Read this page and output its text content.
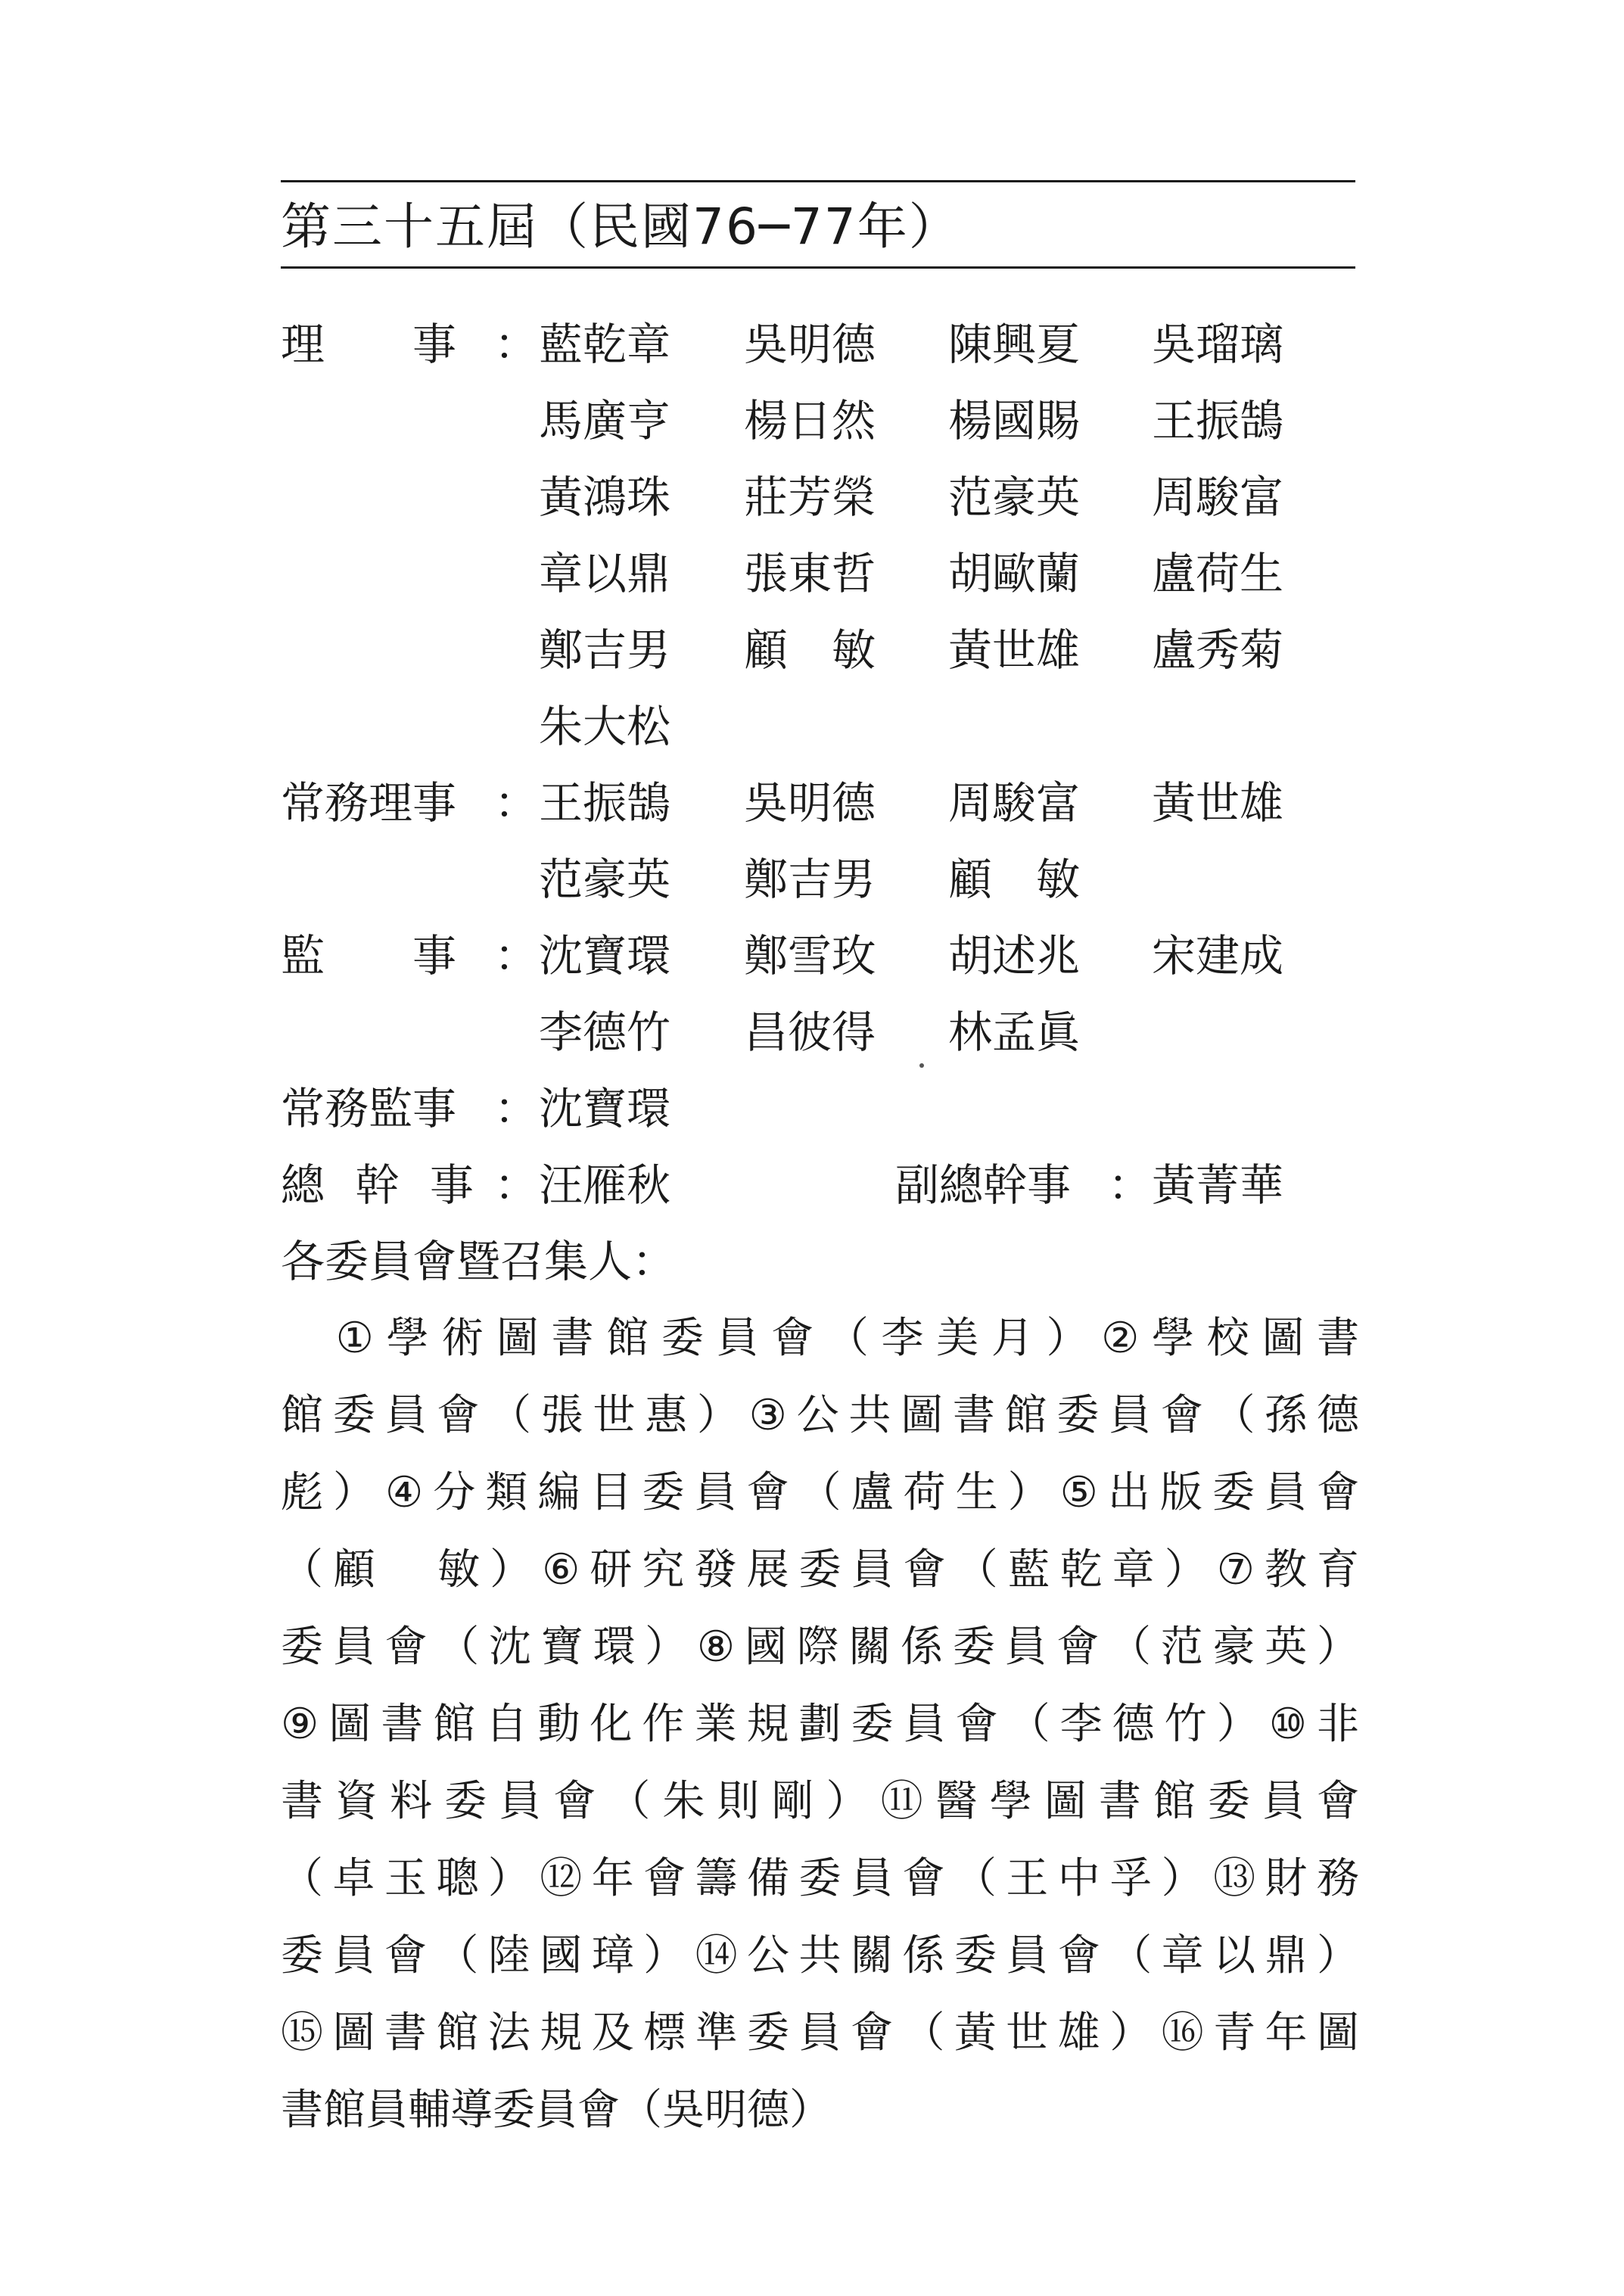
第三十五屆（民國76─77年）
理　　事 ： 藍乾章 吳明德 陳興夏 吳瑠璃
馬廣亨 楊日然 楊國賜 王振鵠
黃鴻珠 莊芳榮 范豪英 周駿富
章以鼎 張東哲 胡歐蘭 盧荷生
鄭吉男 顧　敏 黃世雄 盧秀菊
朱大松
常務理事 ： 王振鵠 吳明德 周駿富 黃世雄
范豪英 鄭吉男 顧　敏
監　　事 ： 沈寶環 鄭雪玫 胡述兆 宋建成
李德竹 昌彼得 林孟眞
常務監事 ： 沈寶環
總 幹 事 ： 汪雁秋	副總幹事 ： 黃菁華
各委員會暨召集人：
　①學術圖書館委員會（李美月）②學校圖書
館委員會（張世惠）③公共圖書館委員會（孫德
彪）④分類編目委員會（盧荷生）⑤出版委員會
（顧　敏）⑥研究發展委員會（藍乾章）⑦教育
委員會（沈寶環）⑧國際關係委員會（范豪英）
⑨圖書館自動化作業規劃委員會（李德竹）⑩非
書資料委員會（朱則剛）⑪醫學圖書館委員會
（卓玉聰）⑫年會籌備委員會（王中孚）⑬財務
委員會（陸國璋）⑭公共關係委員會（章以鼎）
⑮圖書館法規及標準委員會（黃世雄）⑯青年圖
書館員輔導委員會（吳明德）
